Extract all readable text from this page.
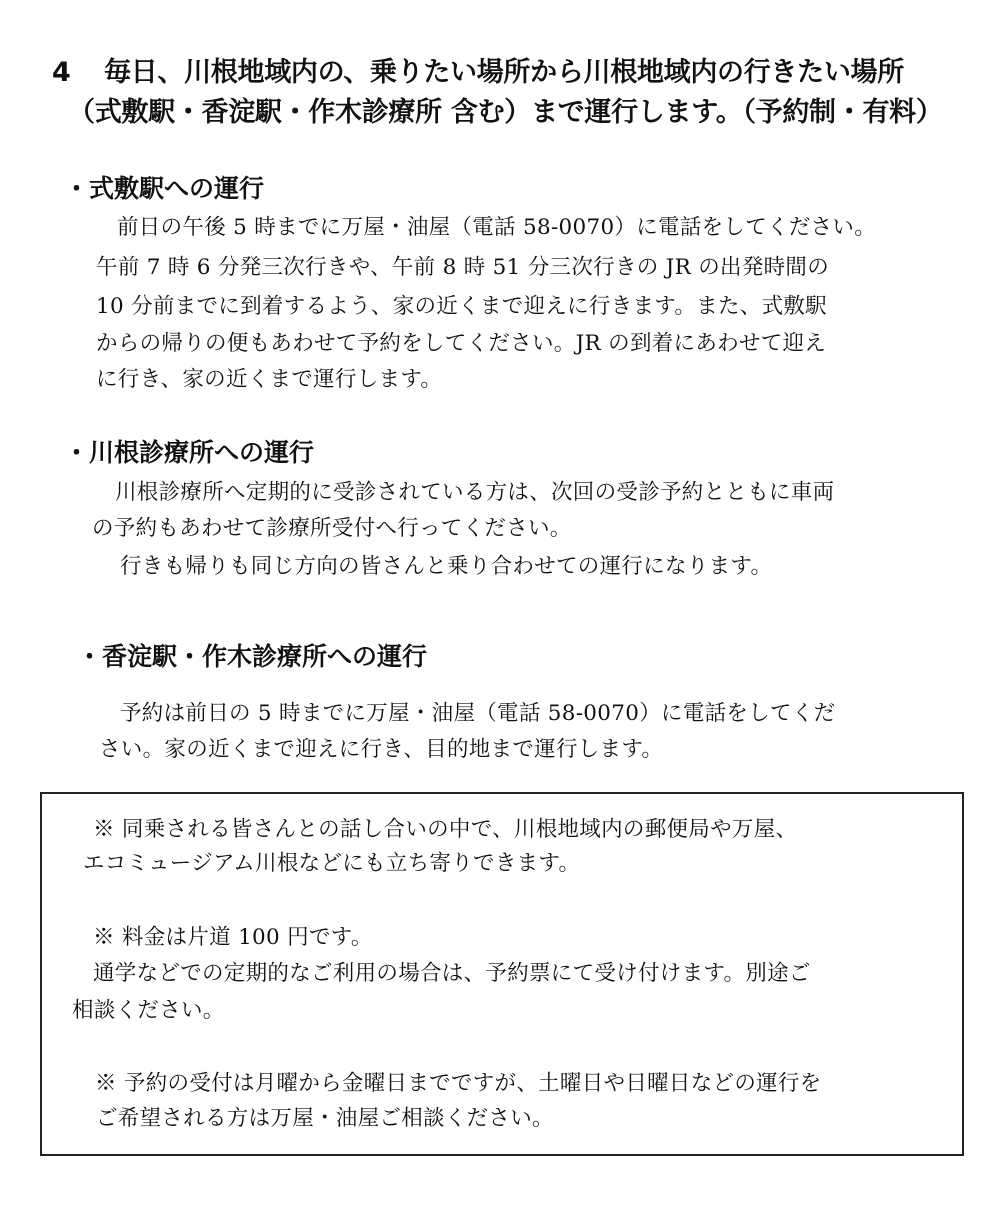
4 毎日、川根地域内の、乗りたい場所から川根地域内の行きたい場所
（式敷駅・香淀駅・作木診療所 含む）まで運行します。（予約制・有料）
・式敷駅への運行
前日の午後 5 時までに万屋・油屋（電話 58-0070）に電話をしてください。
午前 7 時 6 分発三次行きや、午前 8 時 51 分三次行きの JR の出発時間の
10 分前までに到着するよう、家の近くまで迎えに行きます。また、式敷駅
からの帰りの便もあわせて予約をしてください。JR の到着にあわせて迎え
に行き、家の近くまで運行します。
・川根診療所への運行
川根診療所へ定期的に受診されている方は、次回の受診予約とともに車両
の予約もあわせて診療所受付へ行ってください。
行きも帰りも同じ方向の皆さんと乗り合わせての運行になります。
・香淀駅・作木診療所への運行
予約は前日の 5 時までに万屋・油屋（電話 58-0070）に電話をしてくだ
さい。家の近くまで迎えに行き、目的地まで運行します。
※ 同乗される皆さんとの話し合いの中で、川根地域内の郵便局や万屋、
エコミュージアム川根などにも立ち寄りできます。
※ 料金は片道 100 円です。
通学などでの定期的なご利用の場合は、予約票にて受け付けます。別途ご
相談ください。
※ 予約の受付は月曜から金曜日までですが、土曜日や日曜日などの運行を
ご希望される方は万屋・油屋ご相談ください。
